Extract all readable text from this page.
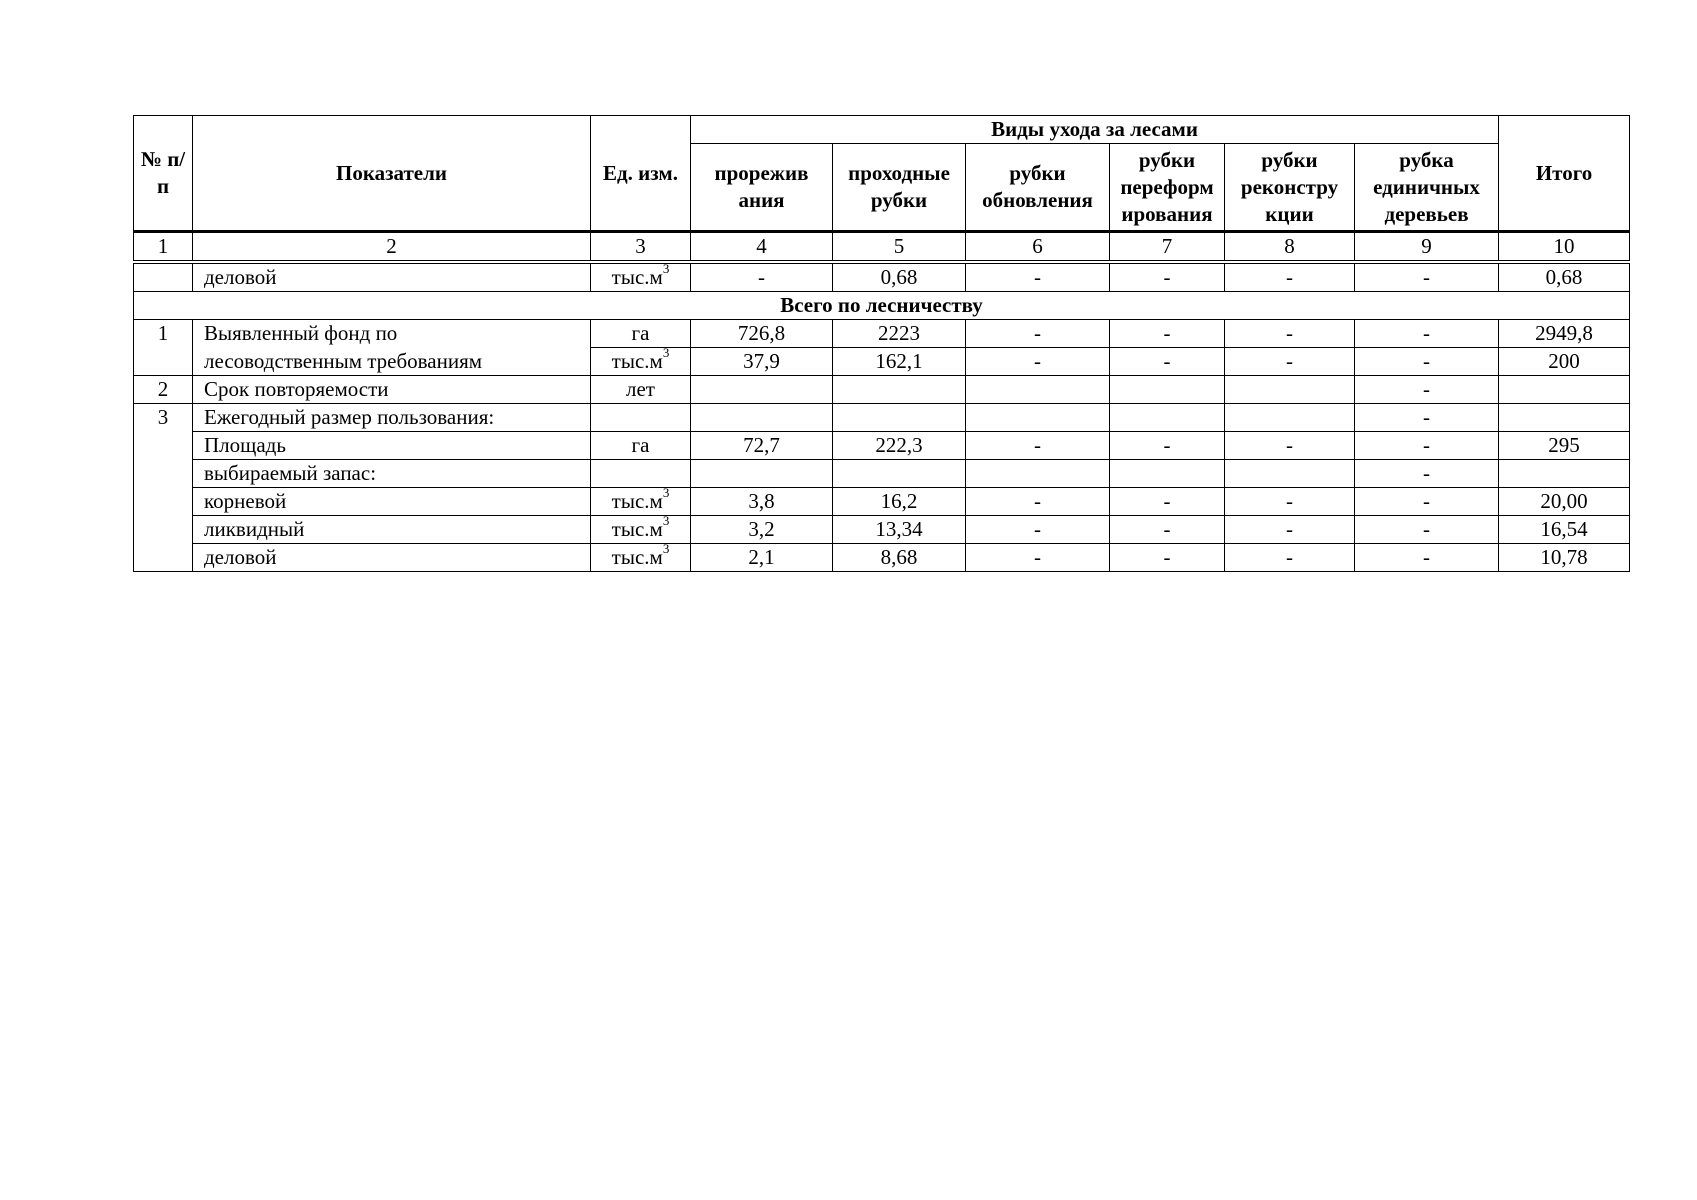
№ п/п	Показатели	Ед. изм.	Виды ухода за лесами						Итого
			прорежив ания	проходные рубки	рубки обновления	рубки переформ ирования	рубки реконстру кции	рубка единичных деревьев	
1	2	3	4	5	6	7	8	9	10
	деловой	$тыс.м^3$	-	0,68	-	-	-	-	0,68
Всего по лесничеству									
1	Выявленный фонд по	га	726,8	2223	-	-	-	-	2949,8
	лесоводственным требованиям	$тыс.м^3$	37,9	162,1	-	-	-	-	200
2	Срок повторяемости	лет						-	
3	Ежегодный размер пользования:							-	
	Площадь	га	72,7	222,3	-	-	-	-	295
	выбираемый запас:							-	
	корневой	$тыс.м^3$	3,8	16,2	-	-	-	-	20,00
	ликвидный	$тыс.м^3$	3,2	13,34	-	-	-	-	16,54
	деловой	$тыс.м^3$	2,1	8,68	-	-	-	-	10,78
